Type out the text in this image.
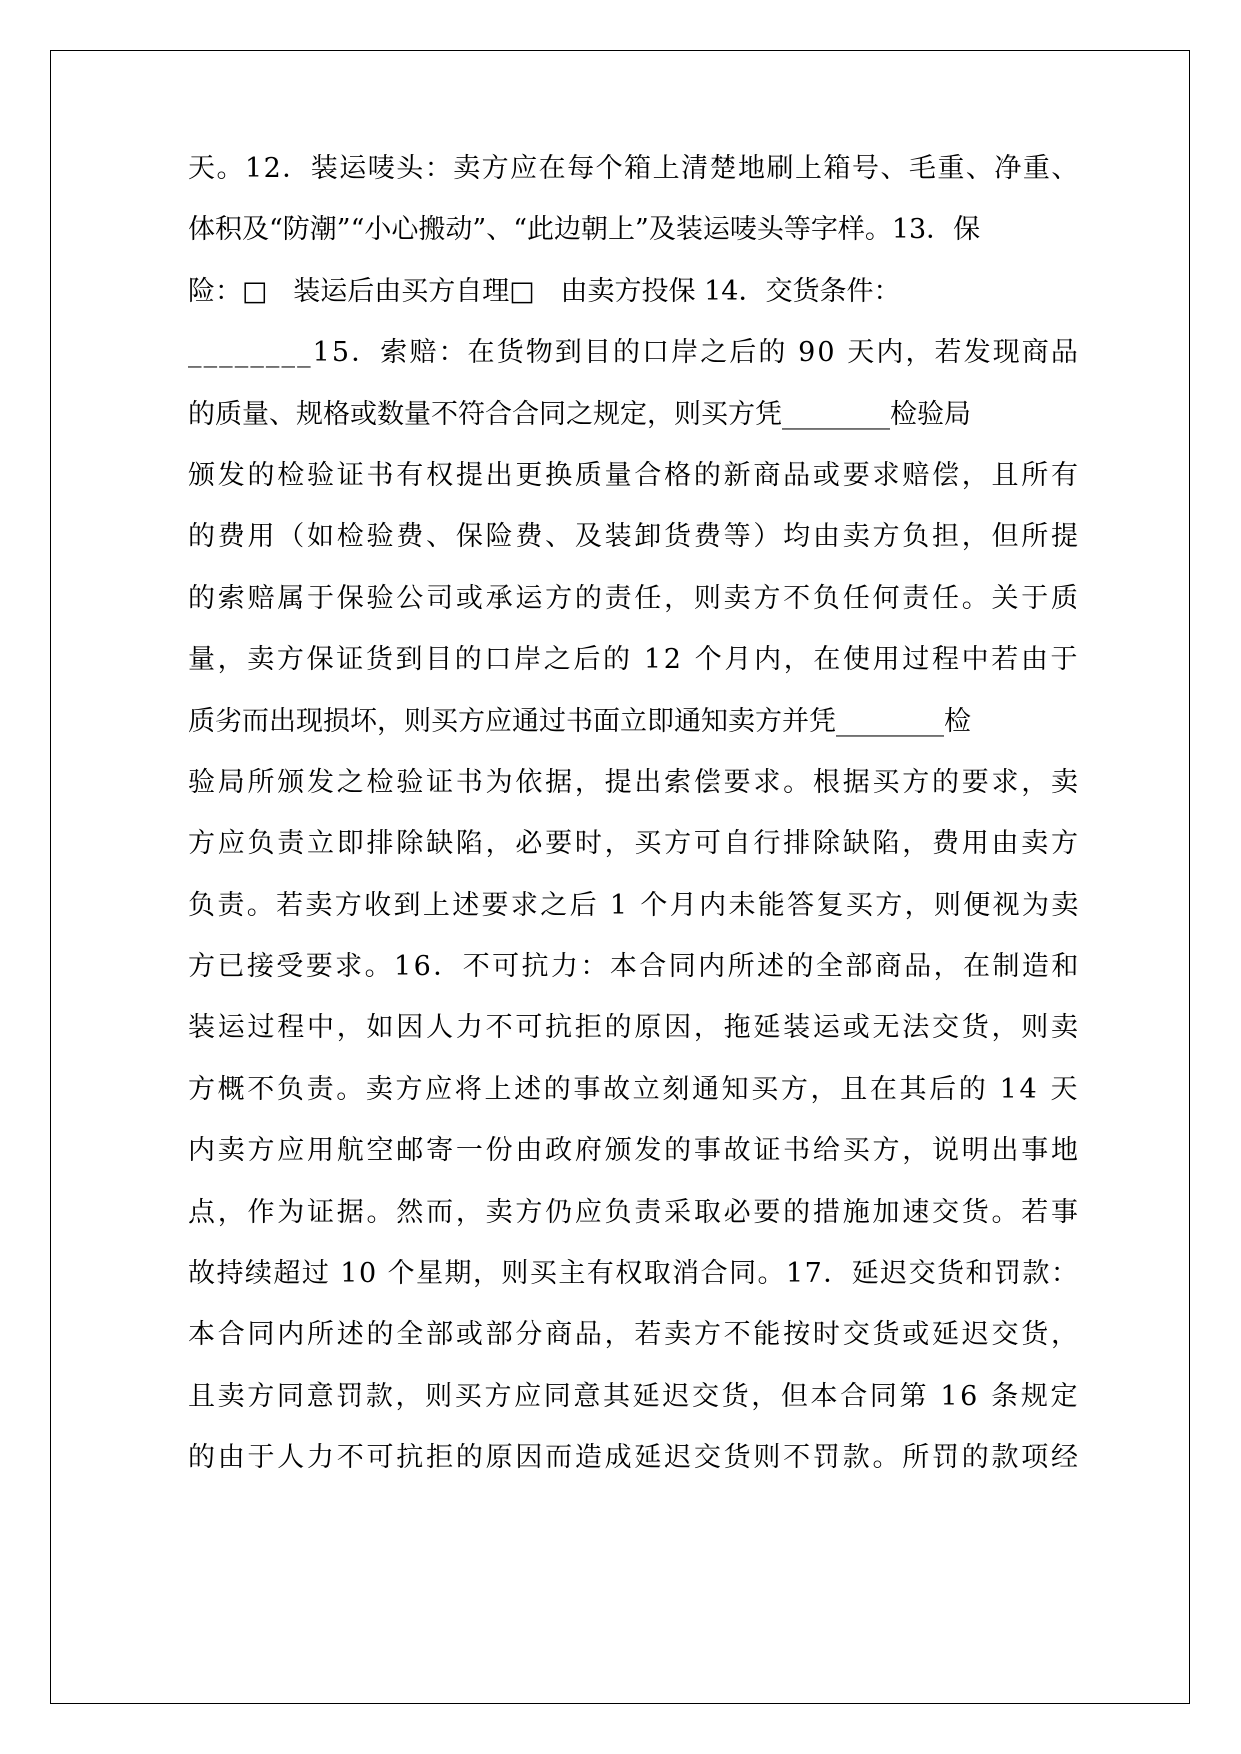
天。12．装运唛头：卖方应在每个箱上清楚地刷上箱号、毛重、净重、
体积及“防潮”“小心搬动”、“此边朝上”及装运唛头等字样。13．保
险：□   装运后由买方自理□   由卖方投保 14．交货条件：
________15．索赔：在货物到目的口岸之后的 90 天内，若发现商品
的质量、规格或数量不符合合同之规定，则买方凭________检验局
颁发的检验证书有权提出更换质量合格的新商品或要求赔偿，且所有
的费用（如检验费、保险费、及装卸货费等）均由卖方负担，但所提
的索赔属于保验公司或承运方的责任，则卖方不负任何责任。关于质
量，卖方保证货到目的口岸之后的 12 个月内，在使用过程中若由于
质劣而出现损坏，则买方应通过书面立即通知卖方并凭________检
验局所颁发之检验证书为依据，提出索偿要求。根据买方的要求，卖
方应负责立即排除缺陷，必要时，买方可自行排除缺陷，费用由卖方
负责。若卖方收到上述要求之后 1 个月内未能答复买方，则便视为卖
方已接受要求。16．不可抗力：本合同内所述的全部商品，在制造和
装运过程中，如因人力不可抗拒的原因，拖延装运或无法交货，则卖
方概不负责。卖方应将上述的事故立刻通知买方，且在其后的 14 天
内卖方应用航空邮寄一份由政府颁发的事故证书给买方，说明出事地
点，作为证据。然而，卖方仍应负责采取必要的措施加速交货。若事
故持续超过 10 个星期，则买主有权取消合同。17．延迟交货和罚款：
本合同内所述的全部或部分商品，若卖方不能按时交货或延迟交货，
且卖方同意罚款，则买方应同意其延迟交货，但本合同第 16 条规定
的由于人力不可抗拒的原因而造成延迟交货则不罚款。所罚的款项经
